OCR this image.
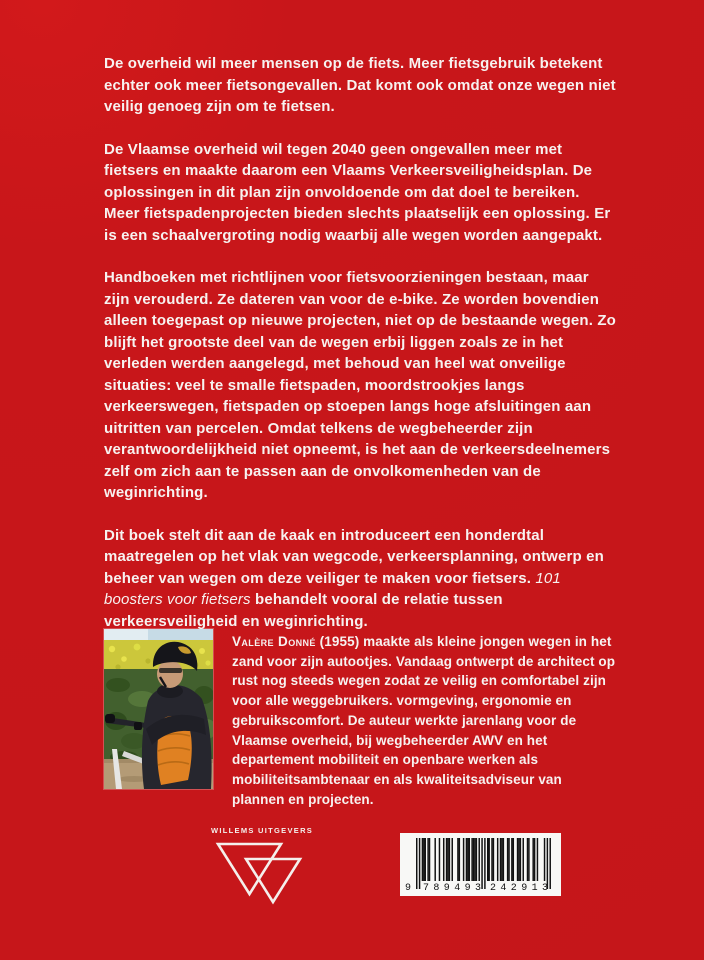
De overheid wil meer mensen op de fiets. Meer fietsgebruik betekent echter ook meer fietsongevallen. Dat komt ook omdat onze wegen niet veilig genoeg zijn om te fietsen.

De Vlaamse overheid wil tegen 2040 geen ongevallen meer met fietsers en maakte daarom een Vlaams Verkeersveiligheidsplan. De oplossingen in dit plan zijn onvoldoende om dat doel te bereiken. Meer fietspadenprojecten bieden slechts plaatselijk een oplossing. Er is een schaalvergroting nodig waarbij alle wegen worden aangepakt.

Handboeken met richtlijnen voor fietsvoorzieningen bestaan, maar zijn verouderd. Ze dateren van voor de e-bike. Ze worden bovendien alleen toegepast op nieuwe projecten, niet op de bestaande wegen. Zo blijft het grootste deel van de wegen erbij liggen zoals ze in het verleden werden aangelegd, met behoud van heel wat onveilige situaties: veel te smalle fietspaden, moordstrookjes langs verkeerswegen, fietspaden op stoepen langs hoge afsluitingen aan uitritten van percelen. Omdat telkens de wegbeheerder zijn verantwoordelijkheid niet opneemt, is het aan de verkeersdeelnemers zelf om zich aan te passen aan de onvolkomenheden van de weginrichting.

Dit boek stelt dit aan de kaak en introduceert een honderdtal maatregelen op het vlak van wegcode, verkeersplanning, ontwerp en beheer van wegen om deze veiliger te maken voor fietsers. 101 boosters voor fietsers behandelt vooral de relatie tussen verkeersveiligheid en weginrichting.

Valère Donné (1955) maakte als kleine jongen wegen in het zand voor zijn autootjes. Vandaag ontwerpt de architect op rust nog steeds wegen zodat ze veilig en comfortabel zijn voor alle weggebruikers. vormgeving, ergonomie en gebruikscomfort. De auteur werkte jarenlang voor de Vlaamse overheid, bij wegbeheerder AWV en het departement mobiliteit en openbare werken als mobiliteitsambtenaar en als kwaliteitsadviseur van plannen en projecten.
WILLEMS UITGEVERS
9 789493 242913
